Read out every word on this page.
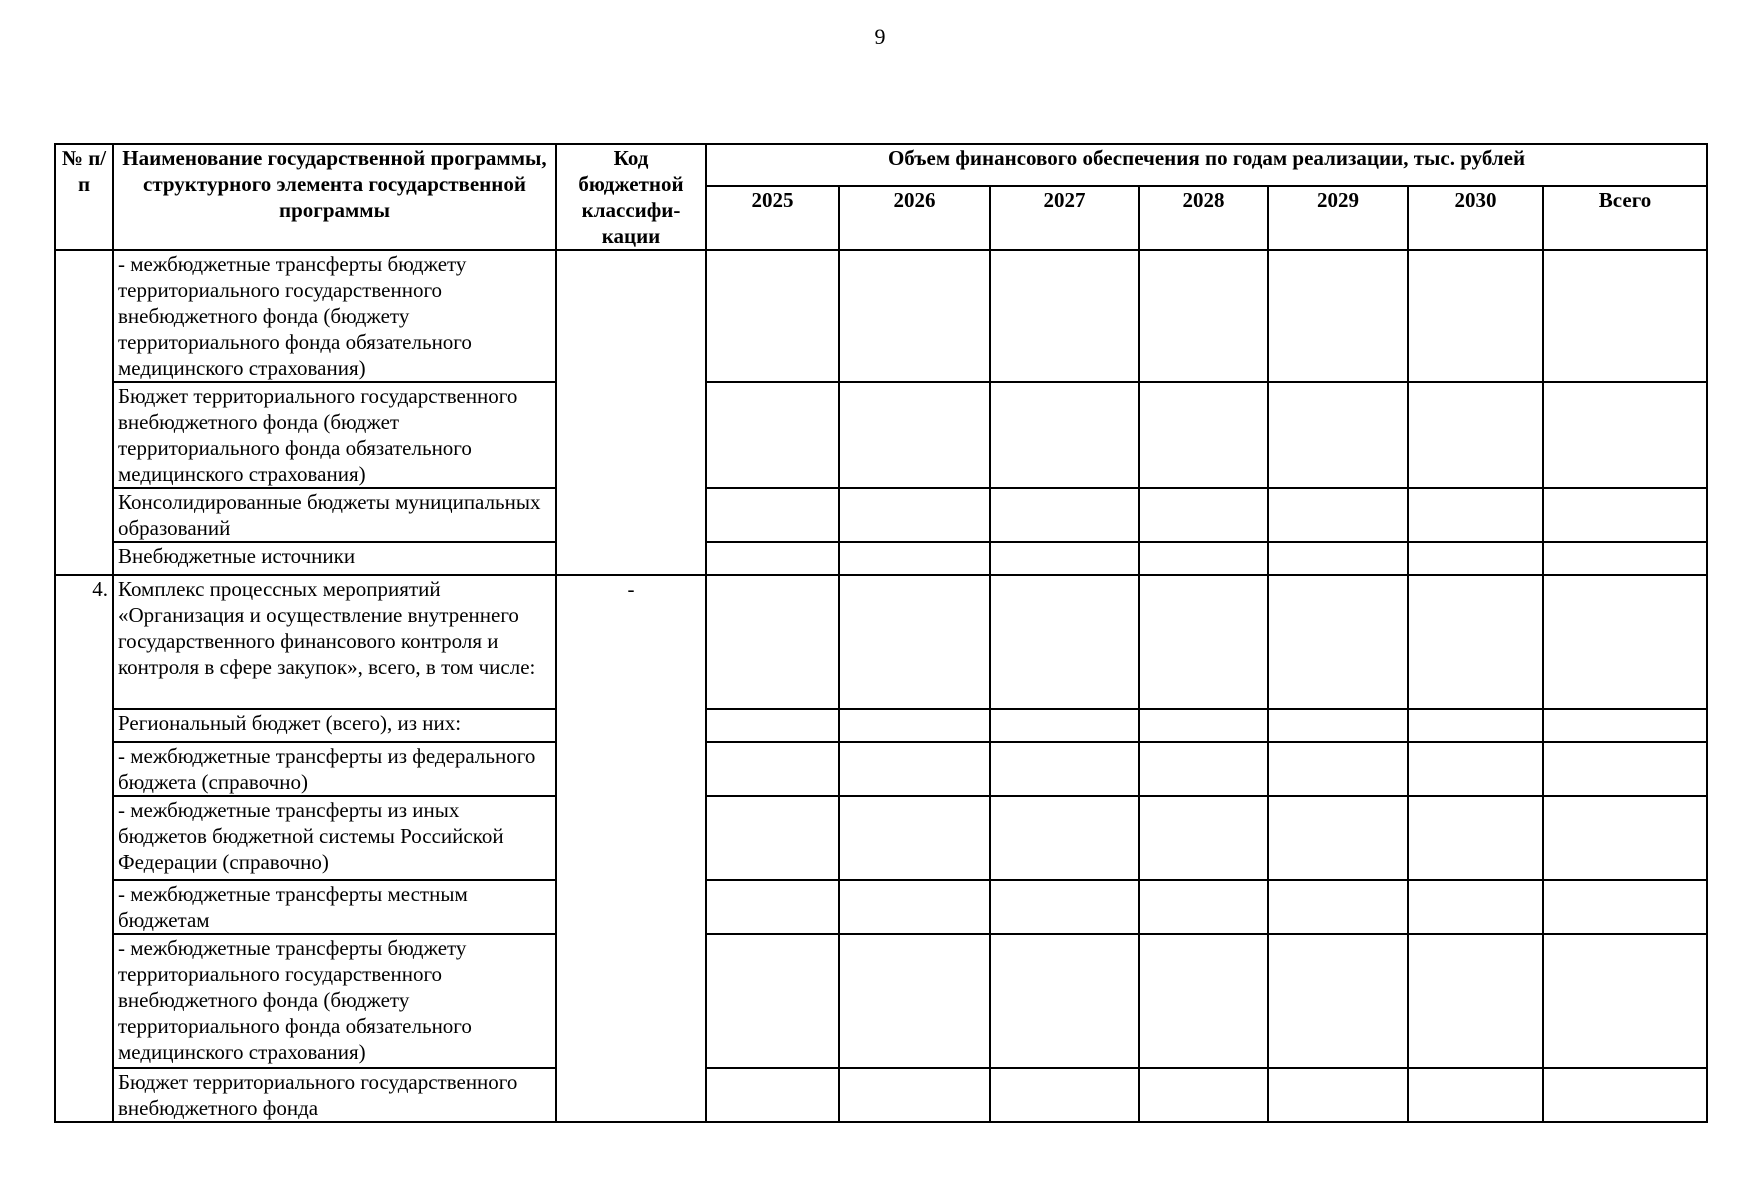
9
№ п/п	Наименование государственной программы, структурного элемента государственной программы	Код бюджетной классифи-кации	Объем финансового обеспечения по годам реализации, тыс. рублей						
			2025	2026	2027	2028	2029	2030	Всего
	- межбюджетные трансферты бюджету территориального государственного внебюджетного фонда (бюджету территориального фонда обязательного медицинского страхования)								
	Бюджет территориального государственного внебюджетного фонда (бюджет территориального фонда обязательного медицинского страхования)								
	Консолидированные бюджеты муниципальных образований								
	Внебюджетные источники								
4.	Комплекс процессных мероприятий «Организация и осуществление внутреннего государственного финансового контроля и контроля в сфере закупок», всего, в том числе:	-							
	Региональный бюджет (всего), из них:								
	- межбюджетные трансферты из федерального бюджета (справочно)								
	- межбюджетные трансферты из иных бюджетов бюджетной системы Российской Федерации (справочно)								
	- межбюджетные трансферты местным бюджетам								
	- межбюджетные трансферты бюджету территориального государственного внебюджетного фонда (бюджету территориального фонда обязательного медицинского страхования)								
	Бюджет территориального государственного внебюджетного фонда								
